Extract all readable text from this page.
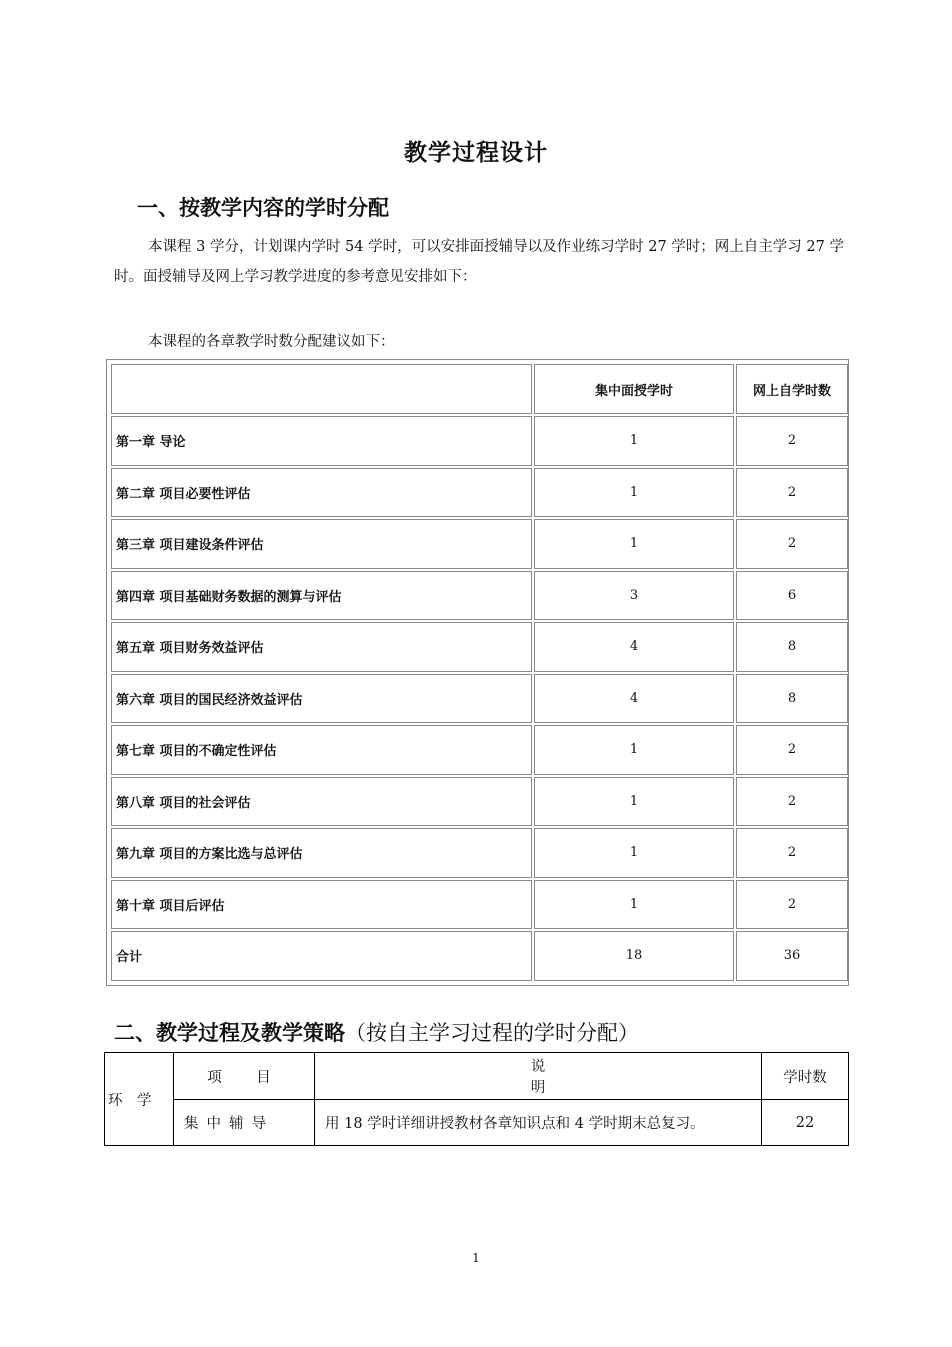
教学过程设计
一、按教学内容的学时分配
本课程 3 学分，计划课内学时 54 学时，可以安排面授辅导以及作业练习学时 27 学时；网上自主学习 27 学时。面授辅导及网上学习教学进度的参考意见安排如下：
本课程的各章教学时数分配建议如下：
	集中面授学时	网上自学时数
第一章 导论	1	2
第二章 项目必要性评估	1	2
第三章 项目建设条件评估	1	2
第四章 项目基础财务数据的测算与评估	3	6
第五章 项目财务效益评估	4	8
第六章 项目的国民经济效益评估	4	8
第七章 项目的不确定性评估	1	2
第八章 项目的社会评估	1	2
第九章 项目的方案比选与总评估	1	2
第十章 项目后评估	1	2
合计	18	36
二、教学过程及教学策略（按自主学习过程的学时分配）
环　学	项　目	说明	学时数
	集中辅导	用 18 学时详细讲授教材各章知识点和 4 学时期末总复习。	22
1
